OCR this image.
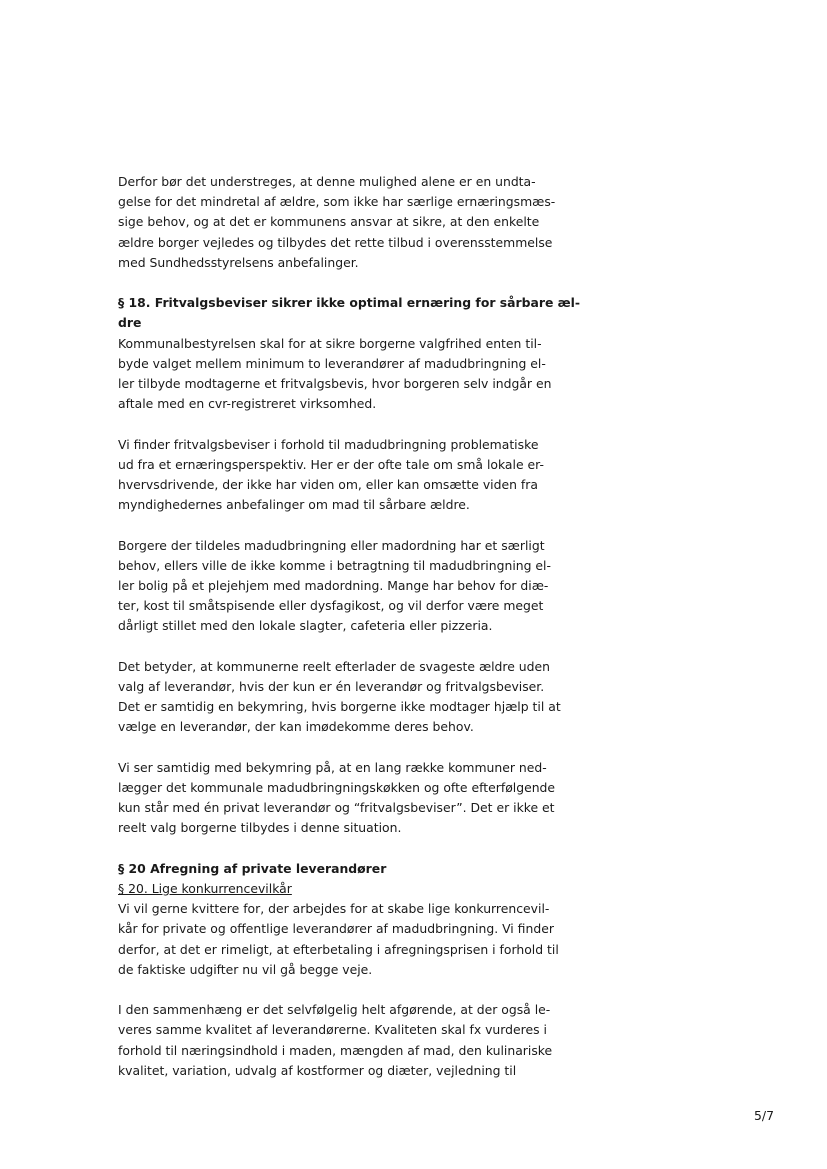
Derfor bør det understreges, at denne mulighed alene er en undta-
gelse for det mindretal af ældre, som ikke har særlige ernæringsmæs-
sige behov, og at det er kommunens ansvar at sikre, at den enkelte
ældre borger vejledes og tilbydes det rette tilbud i overensstemmelse
med Sundhedsstyrelsens anbefalinger.
§ 18. Fritvalgsbeviser sikrer ikke optimal ernæring for sårbare æl-
dre
Kommunalbestyrelsen skal for at sikre borgerne valgfrihed enten til-
byde valget mellem minimum to leverandører af madudbringning el-
ler tilbyde modtagerne et fritvalgsbevis, hvor borgeren selv indgår en
aftale med en cvr-registreret virksomhed.
Vi finder fritvalgsbeviser i forhold til madudbringning problematiske
ud fra et ernæringsperspektiv. Her er der ofte tale om små lokale er-
hvervsdrivende, der ikke har viden om, eller kan omsætte viden fra
myndighedernes anbefalinger om mad til sårbare ældre.
Borgere der tildeles madudbringning eller madordning har et særligt
behov, ellers ville de ikke komme i betragtning til madudbringning el-
ler bolig på et plejehjem med madordning. Mange har behov for diæ-
ter, kost til småtspisende eller dysfagikost, og vil derfor være meget
dårligt stillet med den lokale slagter, cafeteria eller pizzeria.
Det betyder, at kommunerne reelt efterlader de svageste ældre uden
valg af leverandør, hvis der kun er én leverandør og fritvalgsbeviser.
Det er samtidig en bekymring, hvis borgerne ikke modtager hjælp til at
vælge en leverandør, der kan imødekomme deres behov.
Vi ser samtidig med bekymring på, at en lang række kommuner ned-
lægger det kommunale madudbringningskøkken og ofte efterfølgende
kun står med én privat leverandør og “fritvalgsbeviser”. Det er ikke et
reelt valg borgerne tilbydes i denne situation.
§ 20 Afregning af private leverandører
§ 20. Lige konkurrencevilkår
Vi vil gerne kvittere for, der arbejdes for at skabe lige konkurrencevil-
kår for private og offentlige leverandører af madudbringning. Vi finder
derfor, at det er rimeligt, at efterbetaling i afregningsprisen i forhold til
de faktiske udgifter nu vil gå begge veje.
I den sammenhæng er det selvfølgelig helt afgørende, at der også le-
veres samme kvalitet af leverandørerne. Kvaliteten skal fx vurderes i
forhold til næringsindhold i maden, mængden af mad, den kulinariske
kvalitet, variation, udvalg af kostformer og diæter, vejledning til
5/7
